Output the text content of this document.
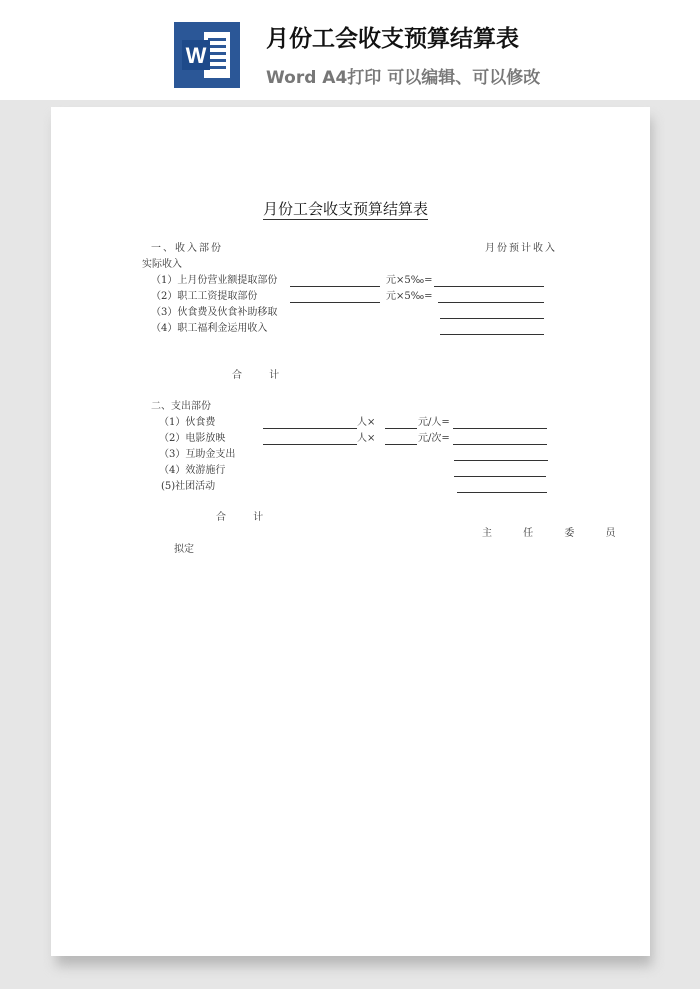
W
月份工会收支预算结算表
Word A4打印 可以编辑、可以修改
月份工会收支预算结算表
一、收入部份	月份预计收入
实际收入
（1）上月份营业额提取部份	元×5‰=
（2）职工工资提取部份	元×5‰=
（3）伙食费及伙食补助移取
（4）职工福利金运用收入
合 计
二、支出部份
（1）伙食费	人×	元/人=
（2）电影放映	人×	元/次=
（3）互助金支出
（4）效游施行
(5)社团活动
合 计
主 任 委 员
拟定
